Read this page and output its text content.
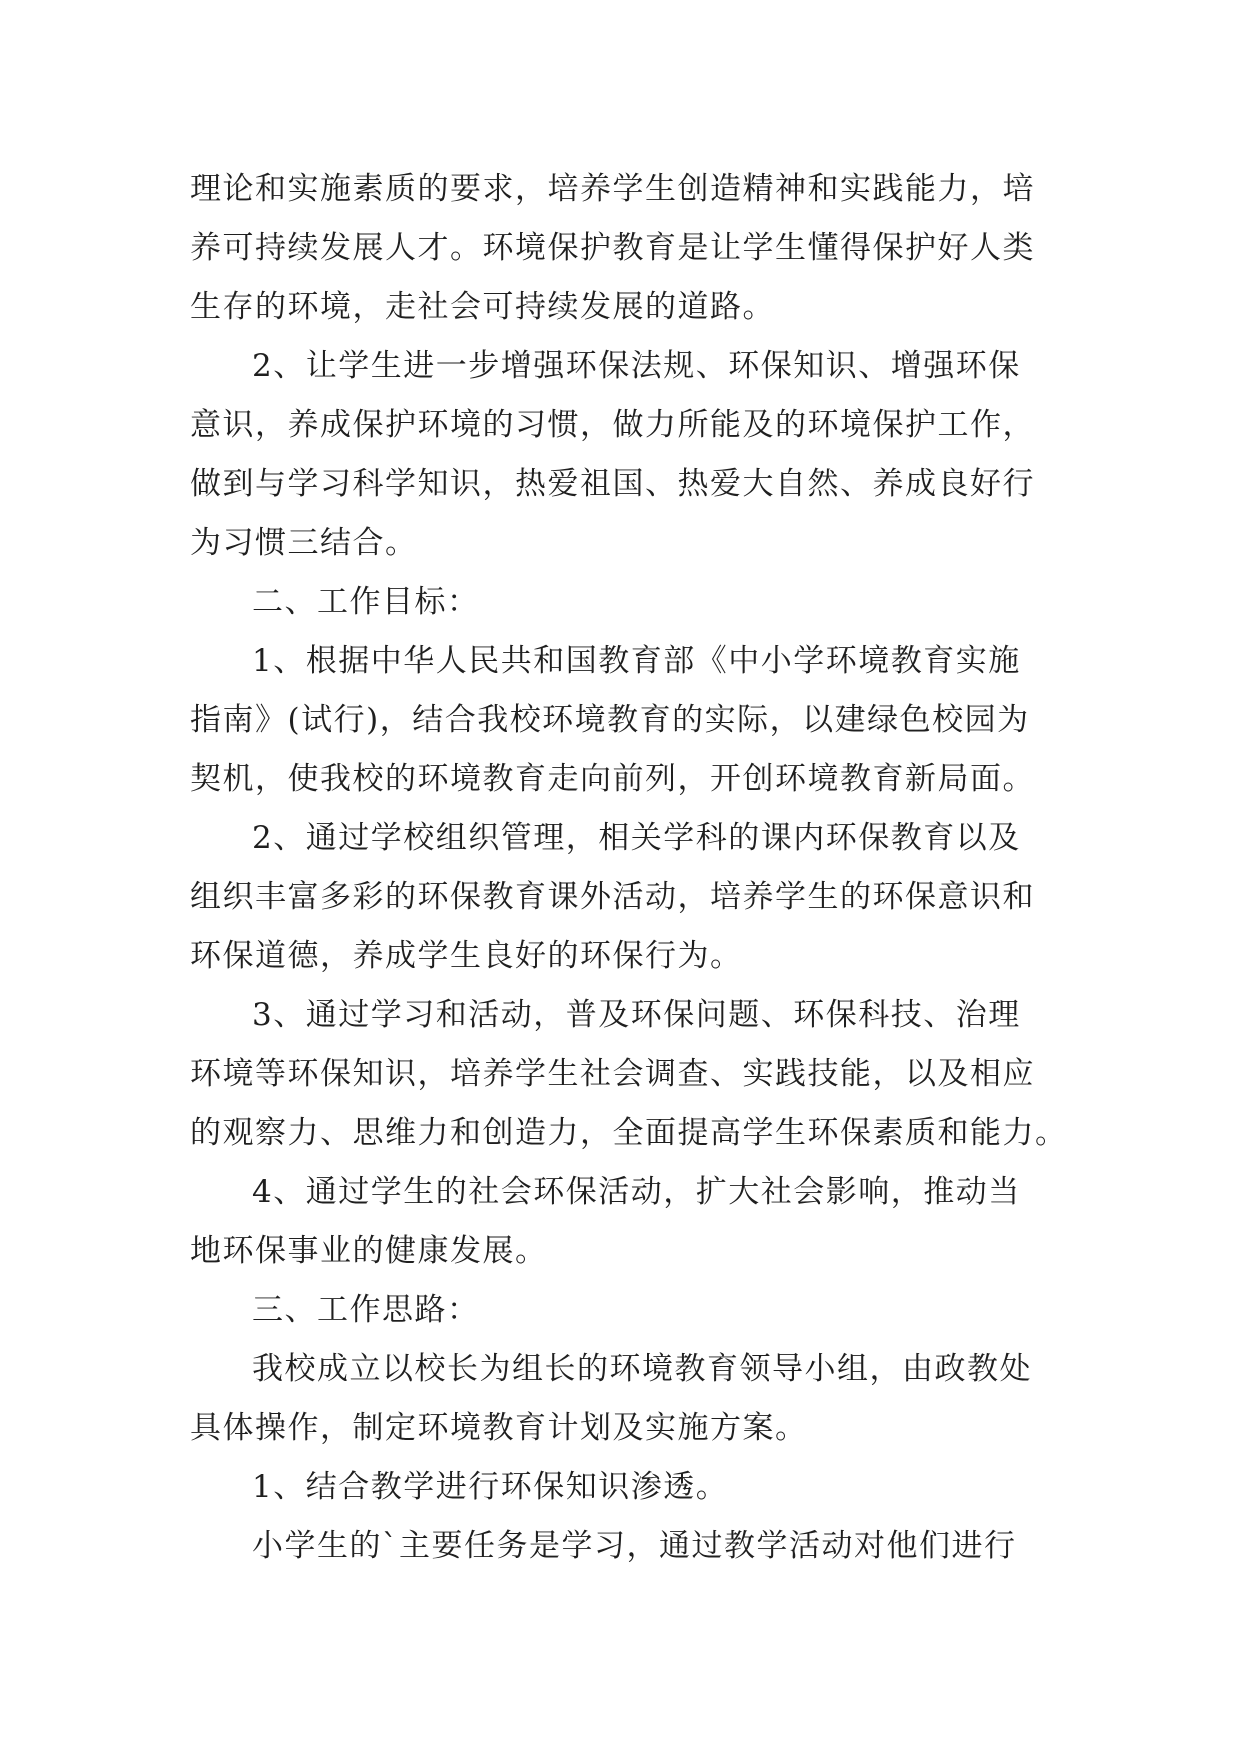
理论和实施素质的要求，培养学生创造精神和实践能力，培
养可持续发展人才。环境保护教育是让学生懂得保护好人类
生存的环境，走社会可持续发展的道路。
2、让学生进一步增强环保法规、环保知识、增强环保
意识，养成保护环境的习惯，做力所能及的环境保护工作，
做到与学习科学知识，热爱祖国、热爱大自然、养成良好行
为习惯三结合。
二、工作目标：
1、根据中华人民共和国教育部《中小学环境教育实施
指南》(试行)，结合我校环境教育的实际，以建绿色校园为
契机，使我校的环境教育走向前列，开创环境教育新局面。
2、通过学校组织管理，相关学科的课内环保教育以及
组织丰富多彩的环保教育课外活动，培养学生的环保意识和
环保道德，养成学生良好的环保行为。
3、通过学习和活动，普及环保问题、环保科技、治理
环境等环保知识，培养学生社会调查、实践技能，以及相应
的观察力、思维力和创造力，全面提高学生环保素质和能力。
4、通过学生的社会环保活动，扩大社会影响，推动当
地环保事业的健康发展。
三、工作思路：
我校成立以校长为组长的环境教育领导小组，由政教处
具体操作，制定环境教育计划及实施方案。
1、结合教学进行环保知识渗透。
小学生的`主要任务是学习，通过教学活动对他们进行
